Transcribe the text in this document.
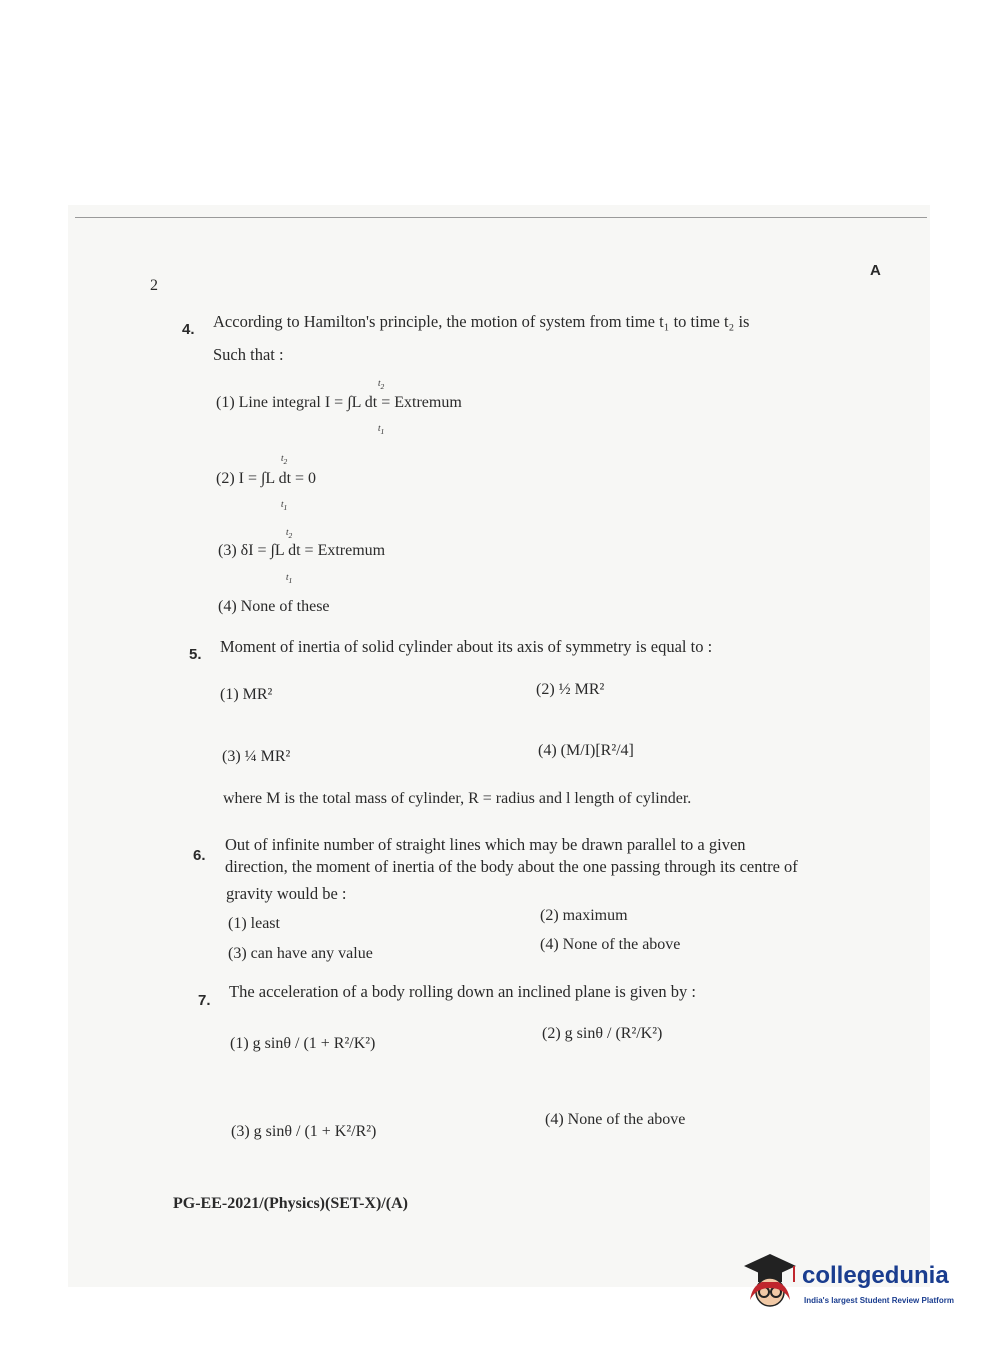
2
A
4. According to Hamilton's principle, the motion of system from time t₁ to time t₂ is
Such that :
(1) Line integral I = ∫L dt = Extremum
$t_2$
$t_1$
(2) I = ∫L dt = 0
$t_2$
$t_1$
(3) δI = ∫L dt = Extremum
$t_2$
$t_1$
(4) None of these
5. Moment of inertia of solid cylinder about its axis of symmetry is equal to :
(1) MR²	(2) ½ MR²
(3) ¼ MR²	(4) (M/I)[R²/4]
where M is the total mass of cylinder, R = radius and l length of cylinder.
6.
Out of infinite number of straight lines which may be drawn parallel to a given
direction, the moment of inertia of the body about the one passing through its centre of
gravity would be :
(1) least	(2) maximum
(3) can have any value
(4) None of the above
7. The acceleration of a body rolling down an inclined plane is given by :
(1) g sinθ / (1 + R²/K²)
(2) g sinθ / (R²/K²)
(3) g sinθ / (1 + K²/R²)
(4) None of the above
PG-EE-2021/(Physics)(SET-X)/(A)
collegedunia
India's largest Student Review Platform
